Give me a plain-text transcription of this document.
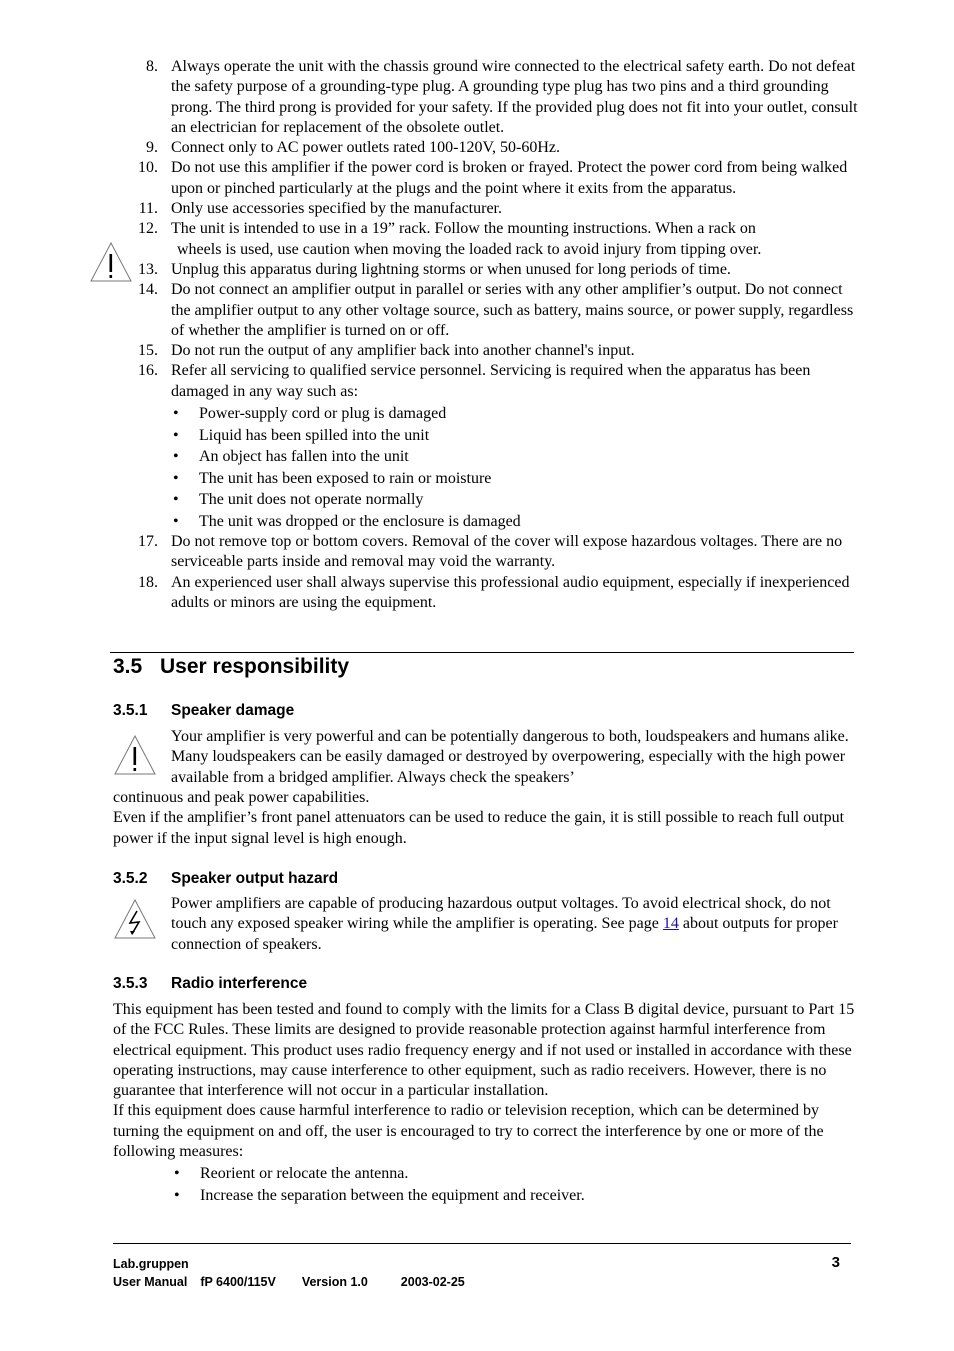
8. Always operate the unit with the chassis ground wire connected to the electrical safety earth. Do not defeat the safety purpose of a grounding-type plug. A grounding type plug has two pins and a third grounding prong. The third prong is provided for your safety. If the provided plug does not fit into your outlet, consult an electrician for replacement of the obsolete outlet.
9. Connect only to AC power outlets rated 100-120V, 50-60Hz.
10. Do not use this amplifier if the power cord is broken or frayed. Protect the power cord from being walked upon or pinched particularly at the plugs and the point where it exits from the apparatus.
11. Only use accessories specified by the manufacturer.
12. The unit is intended to use in a 19” rack. Follow the mounting instructions. When a rack on
wheels is used, use caution when moving the loaded rack to avoid injury from tipping over.
13. Unplug this apparatus during lightning storms or when unused for long periods of time.
14. Do not connect an amplifier output in parallel or series with any other amplifier’s output. Do not connect the amplifier output to any other voltage source, such as battery, mains source, or power supply, regardless of whether the amplifier is turned on or off.
15. Do not run the output of any amplifier back into another channel's input.
16. Refer all servicing to qualified service personnel. Servicing is required when the apparatus has been damaged in any way such as:
• Power-supply cord or plug is damaged
• Liquid has been spilled into the unit
• An object has fallen into the unit
• The unit has been exposed to rain or moisture
• The unit does not operate normally
• The unit was dropped or the enclosure is damaged
17. Do not remove top or bottom covers. Removal of the cover will expose hazardous voltages. There are no serviceable parts inside and removal may void the warranty.
18. An experienced user shall always supervise this professional audio equipment, especially if inexperienced adults or minors are using the equipment.
3.5 User responsibility
3.5.1 Speaker damage
Your amplifier is very powerful and can be potentially dangerous to both, loudspeakers and humans alike. Many loudspeakers can be easily damaged or destroyed by overpowering, especially with the high power available from a bridged amplifier. Always check the speakers’
continuous and peak power capabilities.
Even if the amplifier’s front panel attenuators can be used to reduce the gain, it is still possible to reach full output power if the input signal level is high enough.
3.5.2 Speaker output hazard
Power amplifiers are capable of producing hazardous output voltages. To avoid electrical shock, do not touch any exposed speaker wiring while the amplifier is operating. See page 14 about outputs for proper connection of speakers.
3.5.3 Radio interference
This equipment has been tested and found to comply with the limits for a Class B digital device, pursuant to Part 15 of the FCC Rules. These limits are designed to provide reasonable protection against harmful interference from electrical equipment. This product uses radio frequency energy and if not used or installed in accordance with these operating instructions, may cause interference to other equipment, such as radio receivers. However, there is no guarantee that interference will not occur in a particular installation.
If this equipment does cause harmful interference to radio or television reception, which can be determined by turning the equipment on and off, the user is encouraged to try to correct the interference by one or more of the following measures:
• Reorient or relocate the antenna.
• Increase the separation between the equipment and receiver.
Lab.gruppen
User Manual fP 6400/115V Version 1.0	2003-02-25
3
